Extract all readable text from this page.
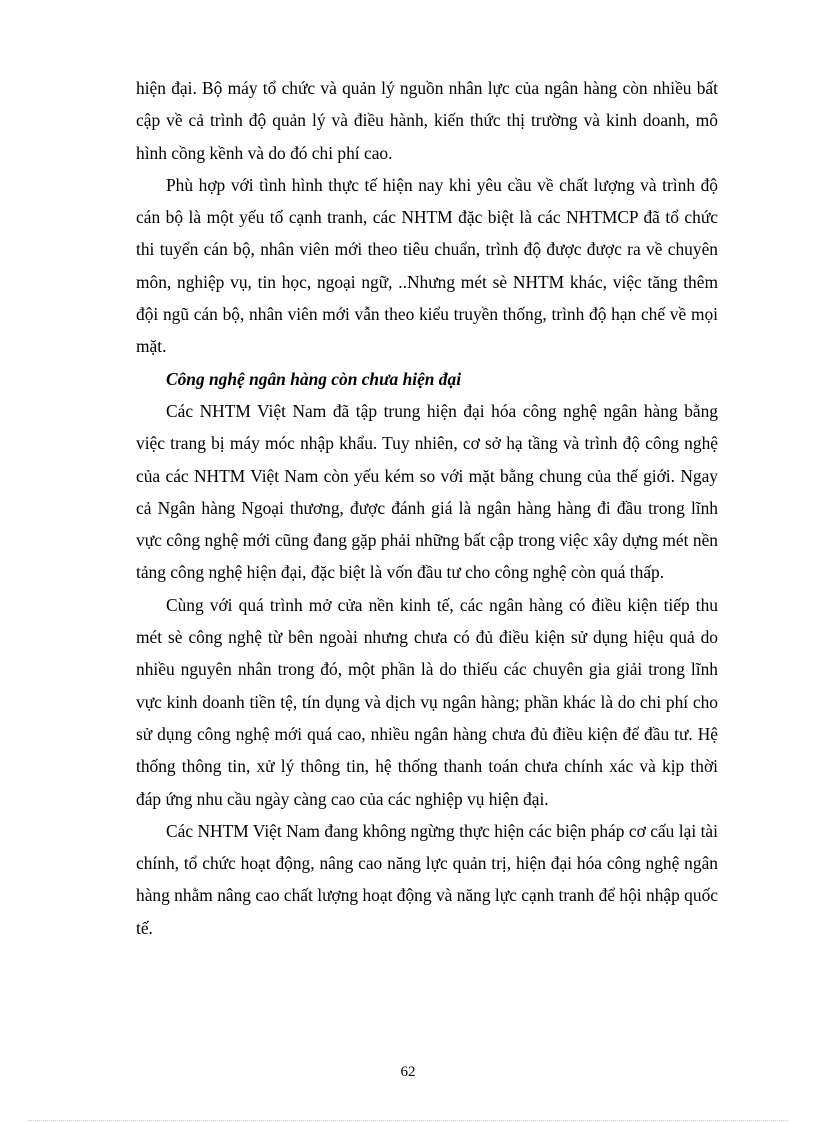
hiện đại. Bộ máy tổ chức và quản lý nguồn nhân lực của ngân hàng còn nhiều bất cập về cả trình độ quản lý và điều hành, kiến thức thị trường và kinh doanh, mô hình cồng kềnh và do đó chi phí cao.

Phù hợp với tình hình thực tế hiện nay khi yêu cầu về chất lượng và trình độ cán bộ là một yếu tố cạnh tranh, các NHTM đặc biệt là các NHTMCP đã tổ chức thi tuyển cán bộ, nhân viên mới theo tiêu chuẩn, trình độ được được ra về chuyên môn, nghiệp vụ, tin học, ngoại ngữ, ..Nhưng mét sè NHTM khác, việc tăng thêm đội ngũ cán bộ, nhân viên mới vẫn theo kiểu truyền thống, trình độ hạn chế về mọi mặt.

Công nghệ ngân hàng còn chưa hiện đại

Các NHTM Việt Nam đã tập trung hiện đại hóa công nghệ ngân hàng bằng việc trang bị máy móc nhập khẩu. Tuy nhiên, cơ sở hạ tầng và trình độ công nghệ của các NHTM Việt Nam còn yếu kém so với mặt bằng chung của thế giới. Ngay cả Ngân hàng Ngoại thương, được đánh giá là ngân hàng hàng đi đầu trong lĩnh vực công nghệ mới cũng đang gặp phải những bất cập trong việc xây dựng mét nền tảng công nghệ hiện đại, đặc biệt là vốn đầu tư cho công nghệ còn quá thấp.

Cùng với quá trình mở cửa nền kinh tế, các ngân hàng có điều kiện tiếp thu mét sè công nghệ từ bên ngoài nhưng chưa có đủ điều kiện sử dụng hiệu quả do nhiều nguyên nhân trong đó, một phần là do thiếu các chuyên gia giải trong lĩnh vực kinh doanh tiền tệ, tín dụng và dịch vụ ngân hàng; phần khác là do chi phí cho sử dụng công nghệ mới quá cao, nhiều ngân hàng chưa đủ điều kiện để đầu tư. Hệ thống thông tin, xử lý thông tin, hệ thống thanh toán chưa chính xác và kịp thời đáp ứng nhu cầu ngày càng cao của các nghiệp vụ hiện đại.

Các NHTM Việt Nam đang không ngừng thực hiện các biện pháp cơ cấu lại tài chính, tổ chức hoạt động, nâng cao năng lực quản trị, hiện đại hóa công nghệ ngân hàng nhằm nâng cao chất lượng hoạt động và năng lực cạnh tranh để hội nhập quốc tế.

62
